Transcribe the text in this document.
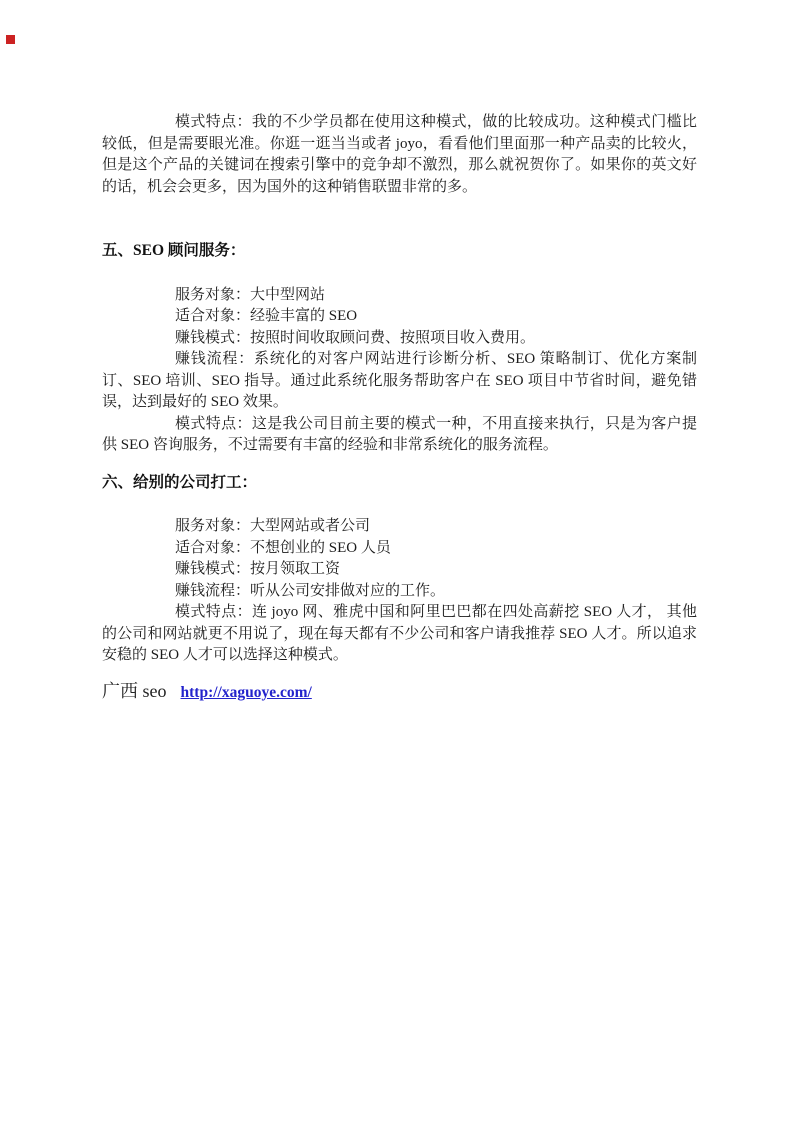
模式特点：我的不少学员都在使用这种模式，做的比较成功。这种模式门槛比较低，但是需要眼光准。你逛一逛当当或者 joyo，看看他们里面那一种产品卖的比较火，但是这个产品的关键词在搜索引擎中的竞争却不激烈，那么就祝贺你了。如果你的英文好的话，机会会更多，因为国外的这种销售联盟非常的多。

五、SEO 顾问服务：

服务对象：大中型网站

适合对象：经验丰富的 SEO

赚钱模式：按照时间收取顾问费、按照项目收入费用。

赚钱流程：系统化的对客户网站进行诊断分析、SEO 策略制订、优化方案制订、SEO 培训、SEO 指导。通过此系统化服务帮助客户在 SEO 项目中节省时间，避免错误，达到最好的 SEO 效果。

模式特点：这是我公司目前主要的模式一种，不用直接来执行，只是为客户提供 SEO 咨询服务，不过需要有丰富的经验和非常系统化的服务流程。

六、给别的公司打工：

服务对象：大型网站或者公司

适合对象：不想创业的 SEO 人员

赚钱模式：按月领取工资

赚钱流程：听从公司安排做对应的工作。

模式特点：连 joyo 网、雅虎中国和阿里巴巴都在四处高薪挖 SEO 人才， 其他的公司和网站就更不用说了，现在每天都有不少公司和客户请我推荐 SEO 人才。所以追求安稳的 SEO 人才可以选择这种模式。

广西 seo http://xaguoye.com/
